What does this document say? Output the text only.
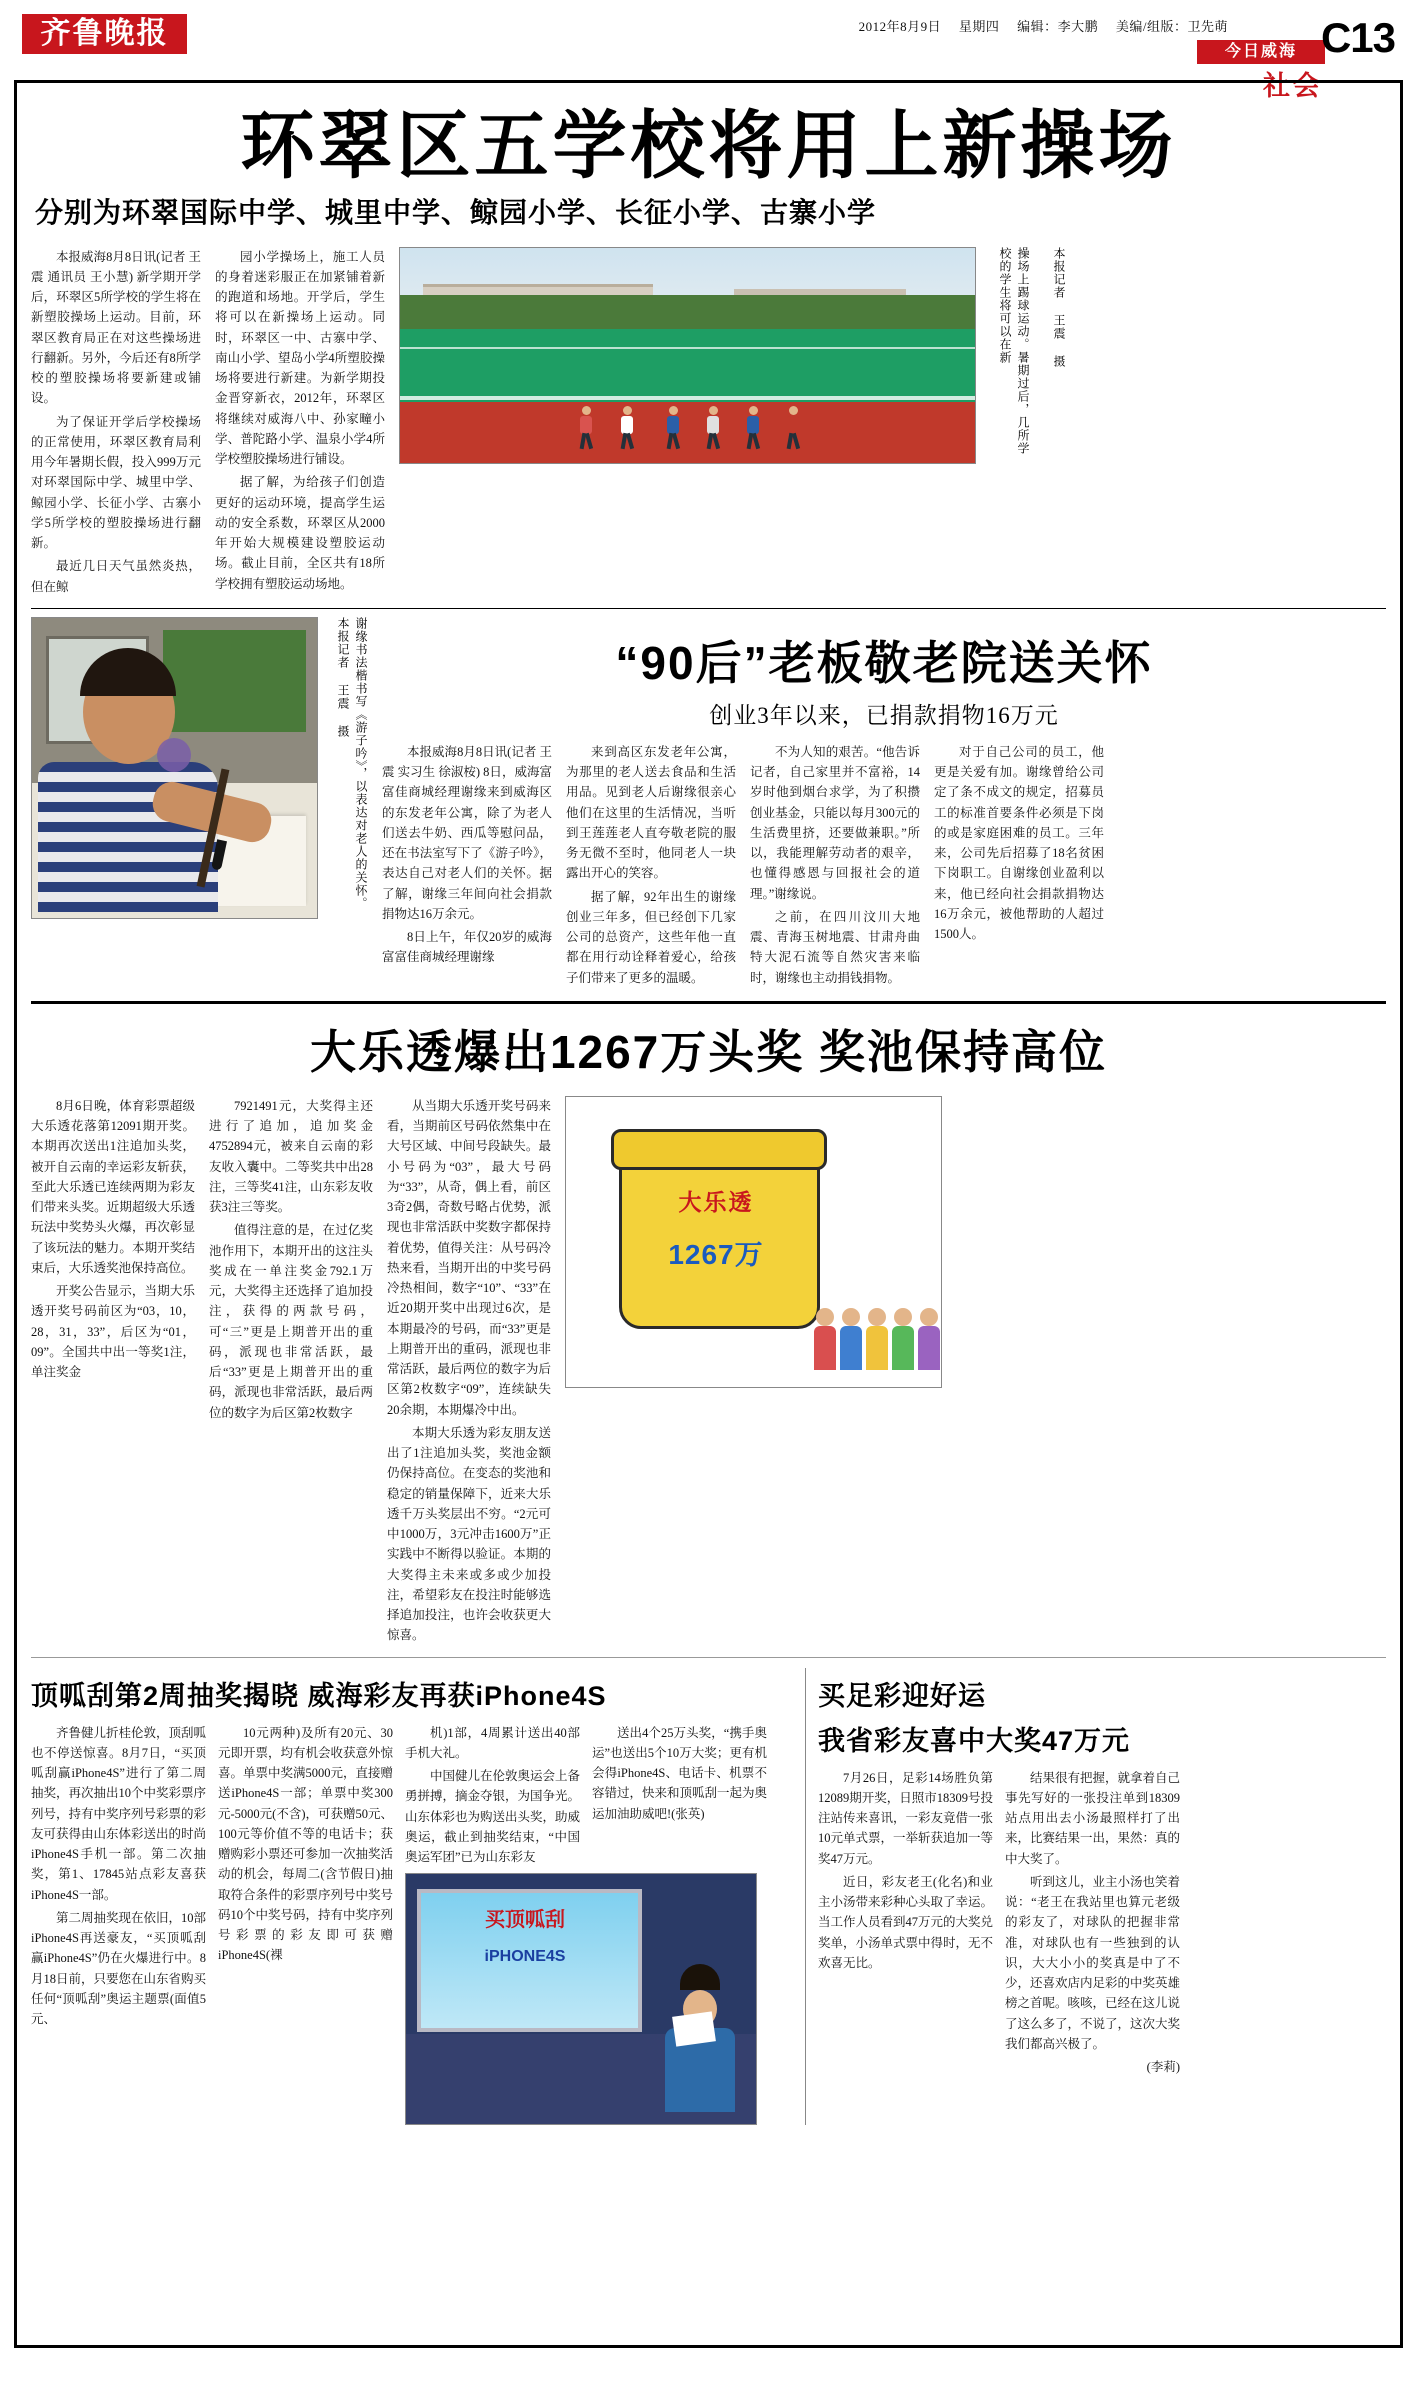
齐鲁晚报	2012年8月9日 星期四 编辑：李大鹏 美编/组版：卫先萌
今日威海
社会
C13
环翠区五学校将用上新操场
分别为环翠国际中学、城里中学、鲸园小学、长征小学、古寨小学

本报威海8月8日讯(记者 王震 通讯员 王小慧) 新学期开学后，环翠区5所学校的学生将在新塑胶操场上运动。目前，环翠区教育局正在对这些操场进行翻新。另外，今后还有8所学校的塑胶操场将要新建或铺设。

为了保证开学后学校操场的正常使用，环翠区教育局利用今年暑期长假，投入999万元对环翠国际中学、城里中学、鲸园小学、长征小学、古寨小学5所学校的塑胶操场进行翻新。

最近几日天气虽然炎热，但在鲸

园小学操场上，施工人员的身着迷彩服正在加紧铺着新的跑道和场地。开学后，学生将可以在新操场上运动。同时，环翠区一中、古寨中学、南山小学、望岛小学4所塑胶操场将要进行新建。为新学期投金晋穿新衣，2012年，环翠区将继续对威海八中、孙家疃小学、普陀路小学、温泉小学4所学校塑胶操场进行铺设。

据了解，为给孩子们创造更好的运动环境，提高学生运动的安全系数，环翠区从2000年开始大规模建设塑胶运动场。截止目前，全区共有18所学校拥有塑胶运动场地。

操场上踢球运动。暑期过后，几所学校的学生将可以在新	本报记者 王震 摄
谢缘书法楷书写《游子吟》，以表达对老人的关怀。 本报记者 王震 摄	“90后”老板敬老院送关怀
创业3年以来，已捐款捐物16万元

本报威海8月8日讯(记者 王震 实习生 徐淑桉) 8日，威海富富佳商城经理谢缘来到威海区的东发老年公寓，除了为老人们送去牛奶、西瓜等慰问品，还在书法室写下了《游子吟》，表达自己对老人们的关怀。据了解，谢缘三年间向社会捐款捐物达16万余元。

8日上午，年仅20岁的威海富富佳商城经理谢缘

来到高区东发老年公寓，为那里的老人送去食品和生活用品。见到老人后谢缘很亲心他们在这里的生活情况，当听到王莲莲老人直夸敬老院的服务无微不至时，他同老人一块露出开心的笑容。

据了解，92年出生的谢缘创业三年多，但已经创下几家公司的总资产，这些年他一直都在用行动诠释着爱心，给孩子们带来了更多的温暖。

不为人知的艰苦。“他告诉记者，自己家里并不富裕，14岁时他到烟台求学，为了积攒创业基金，只能以每月300元的生活费里挤，还要做兼职。”所以，我能理解劳动者的艰辛，也懂得感恩与回报社会的道理。”谢缘说。

之前，在四川汶川大地震、青海玉树地震、甘肃舟曲特大泥石流等自然灾害来临时，谢缘也主动捐钱捐物。

对于自己公司的员工，他更是关爱有加。谢缘曾给公司定了条不成文的规定，招募员工的标准首要条件必须是下岗的或是家庭困难的员工。三年来，公司先后招募了18名贫困下岗职工。自谢缘创业盈利以来，他已经向社会捐款捐物达16万余元，被他帮助的人超过1500人。

大乐透爆出1267万头奖 奖池保持高位

8月6日晚，体育彩票超级大乐透花落第12091期开奖。本期再次送出1注追加头奖，被开自云南的幸运彩友斩获，至此大乐透已连续两期为彩友们带来头奖。近期超级大乐透玩法中奖势头火爆，再次彰显了该玩法的魅力。本期开奖结束后，大乐透奖池保持高位。

开奖公告显示，当期大乐透开奖号码前区为“03，10，28，31，33”，后区为“01，09”。全国共中出一等奖1注，单注奖金

7921491元，大奖得主还进行了追加，追加奖金4752894元，被来自云南的彩友收入囊中。二等奖共中出28注，三等奖41注，山东彩友收获3注三等奖。

值得注意的是，在过亿奖池作用下，本期开出的这注头奖成在一单注奖金792.1万元，大奖得主还选择了追加投注，获得的两款号码，可“三”更是上期普开出的重码，派现也非常活跃，最后“33”更是上期普开出的重码，派现也非常活跃，最后两位的数字为后区第2枚数字

从当期大乐透开奖号码来看，当期前区号码依然集中在大号区域、中间号段缺失。最小号码为“03”，最大号码为“33”，从奇，偶上看，前区3奇2偶，奇数号略占优势，派现也非常活跃中奖数字都保持着优势，值得关注：从号码冷热来看，当期开出的中奖号码冷热相间，数字“10”、“33”在近20期开奖中出现过6次，是本期最冷的号码，而“33”更是上期普开出的重码，派现也非常活跃，最后两位的数字为后区第2枚数字“09”，连续缺失20余期，本期爆冷中出。

本期大乐透为彩友朋友送出了1注追加头奖，奖池金额仍保持高位。在变态的奖池和稳定的销量保障下，近来大乐透千万头奖层出不穷。“2元可中1000万，3元冲击1600万”正实践中不断得以验证。本期的大奖得主未来或多或少加投注，希望彩友在投注时能够选择追加投注，也许会收获更大惊喜。

大乐透
1267万
顶呱刮第2周抽奖揭晓 威海彩友再获iPhone4S

齐鲁健儿折桂伦敦，顶刮呱也不停送惊喜。8月7日，“买顶呱刮赢iPhone4S”进行了第二周抽奖，再次抽出10个中奖彩票序列号，持有中奖序列号彩票的彩友可获得由山东体彩送出的时尚iPhone4S手机一部。第二次抽奖，第1、17845站点彩友喜获iPhone4S一部。

第二周抽奖现在依旧，10部iPhone4S再送豪友，“买顶呱刮赢iPhone4S”仍在火爆进行中。8月18日前，只要您在山东省购买任何“顶呱刮”奥运主题票(面值5元、

10元两种)及所有20元、30元即开票，均有机会收获意外惊喜。单票中奖满5000元，直接赠送iPhone4S一部；单票中奖300元-5000元(不含)，可获赠50元、100元等价值不等的电话卡；获赠购彩小票还可参加一次抽奖活动的机会，每周二(含节假日)抽取符合条件的彩票序列号中奖号码10个中奖号码，持有中奖序列号彩票的彩友即可获赠iPhone4S(裸

机)1部，4周累计送出40部手机大礼。

中国健儿在伦敦奥运会上备勇拼搏，摘金夺银，为国争光。山东体彩也为购送出头奖，助威奥运，截止到抽奖结束，“中国奥运军团”已为山东彩友

买顶呱刮
iPHONE4S

送出4个25万头奖，“携手奥运”也送出5个10万大奖；更有机会得iPhone4S、电话卡、机票不容错过，快来和顶呱刮一起为奥运加油助威吧!(张英)

买足彩迎好运
我省彩友喜中大奖47万元

7月26日，足彩14场胜负第12089期开奖，日照市18309号投注站传来喜讯，一彩友竟借一张10元单式票，一举斩获追加一等奖47万元。

近日，彩友老王(化名)和业主小汤带来彩种心头取了幸运。当工作人员看到47万元的大奖兑奖单，小汤单式票中得时，无不欢喜无比。

结果很有把握，就拿着自己事先写好的一张投注单到18309站点用出去小汤最照样打了出来，比赛结果一出，果然：真的中大奖了。

听到这儿，业主小汤也笑着说：“老王在我站里也算元老级的彩友了，对球队的把握非常准，对球队也有一些独到的认识，大大小小的奖真是中了不少，还喜欢店内足彩的中奖英雄榜之首呢。咳咳，已经在这儿说了这么多了，不说了，这次大奖我们都高兴极了。

(李莉)
